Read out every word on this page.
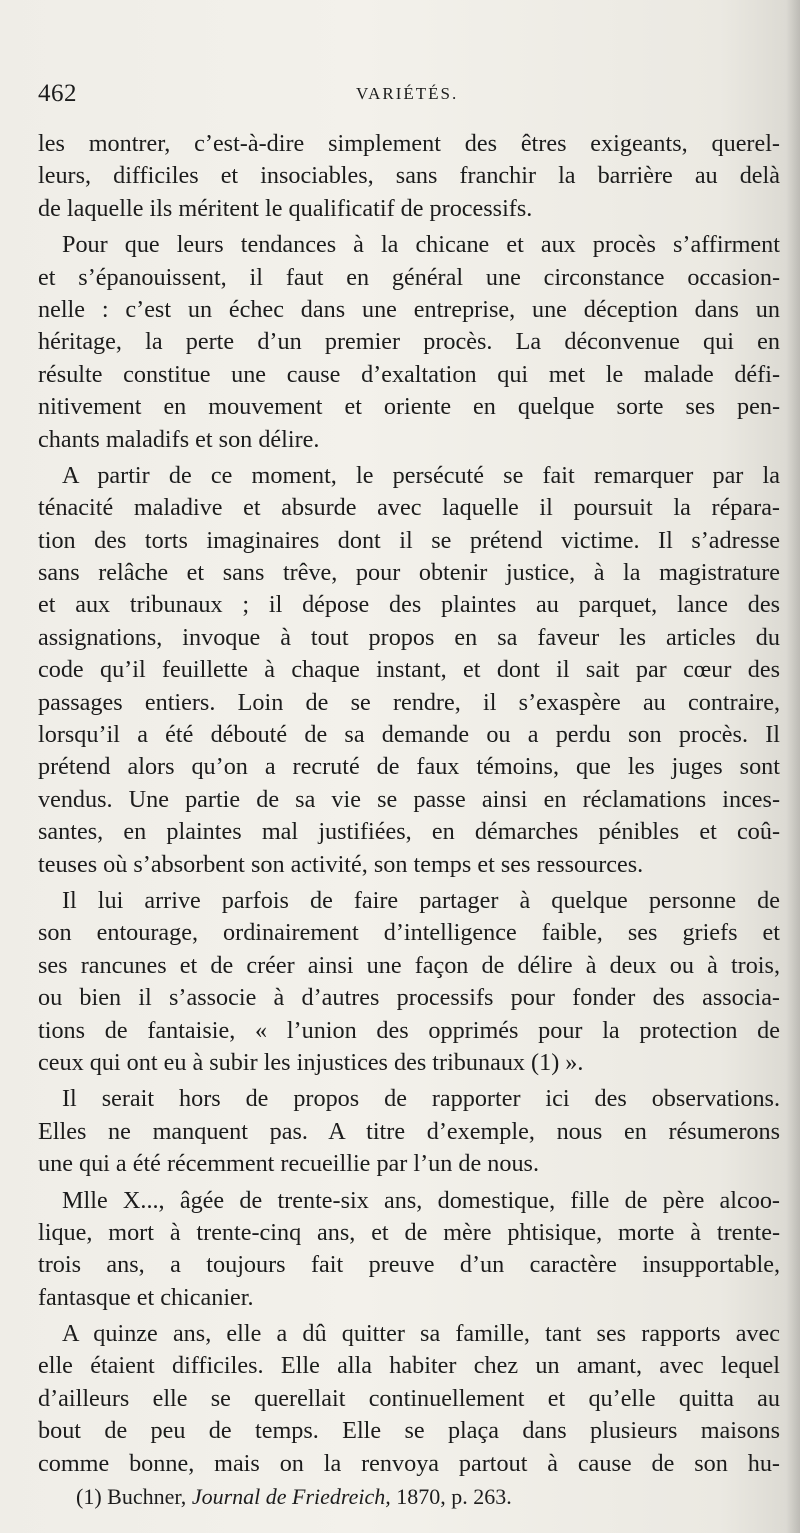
462	VARIÉTÉS.
les montrer, c’est-à-dire simplement des êtres exigeants, querel-
leurs, difficiles et insociables, sans franchir la barrière au delà
de laquelle ils méritent le qualificatif de processifs.
Pour que leurs tendances à la chicane et aux procès s’affirment
et s’épanouissent, il faut en général une circonstance occasion-
nelle : c’est un échec dans une entreprise, une déception dans un
héritage, la perte d’un premier procès. La déconvenue qui en
résulte constitue une cause d’exaltation qui met le malade défi-
nitivement en mouvement et oriente en quelque sorte ses pen-
chants maladifs et son délire.
A partir de ce moment, le persécuté se fait remarquer par la
ténacité maladive et absurde avec laquelle il poursuit la répara-
tion des torts imaginaires dont il se prétend victime. Il s’adresse
sans relâche et sans trêve, pour obtenir justice, à la magistrature
et aux tribunaux ; il dépose des plaintes au parquet, lance des
assignations, invoque à tout propos en sa faveur les articles du
code qu’il feuillette à chaque instant, et dont il sait par cœur des
passages entiers. Loin de se rendre, il s’exaspère au contraire,
lorsqu’il a été débouté de sa demande ou a perdu son procès. Il
prétend alors qu’on a recruté de faux témoins, que les juges sont
vendus. Une partie de sa vie se passe ainsi en réclamations inces-
santes, en plaintes mal justifiées, en démarches pénibles et coû-
teuses où s’absorbent son activité, son temps et ses ressources.
Il lui arrive parfois de faire partager à quelque personne de
son entourage, ordinairement d’intelligence faible, ses griefs et
ses rancunes et de créer ainsi une façon de délire à deux ou à trois,
ou bien il s’associe à d’autres processifs pour fonder des associa-
tions de fantaisie, « l’union des opprimés pour la protection de
ceux qui ont eu à subir les injustices des tribunaux (1) ».
Il serait hors de propos de rapporter ici des observations.
Elles ne manquent pas. A titre d’exemple, nous en résumerons
une qui a été récemment recueillie par l’un de nous.
Mlle X..., âgée de trente-six ans, domestique, fille de père alcoo-
lique, mort à trente-cinq ans, et de mère phtisique, morte à trente-
trois ans, a toujours fait preuve d’un caractère insupportable,
fantasque et chicanier.
A quinze ans, elle a dû quitter sa famille, tant ses rapports avec
elle étaient difficiles. Elle alla habiter chez un amant, avec lequel
d’ailleurs elle se querellait continuellement et qu’elle quitta au
bout de peu de temps. Elle se plaça dans plusieurs maisons
comme bonne, mais on la renvoya partout à cause de son hu-
(1) Buchner, Journal de Friedreich, 1870, p. 263.
